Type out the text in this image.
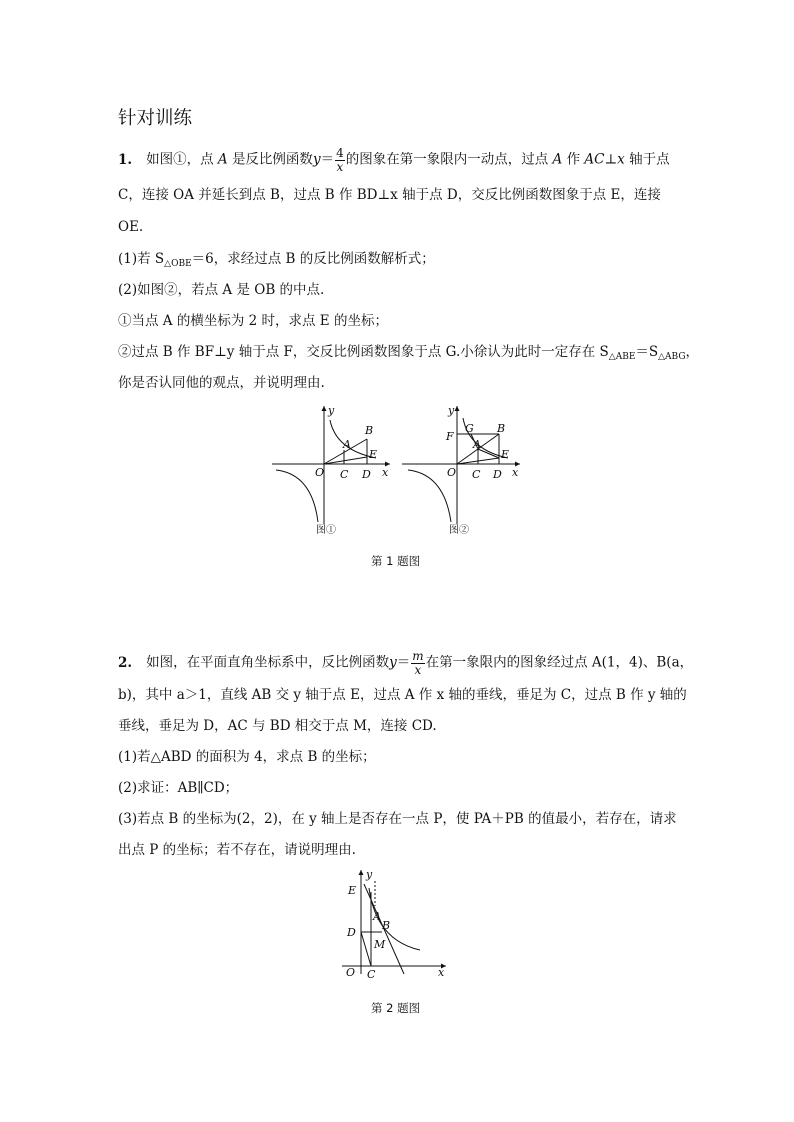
针对训练
1. 如图①，点 A 是反比例函数$y= \frac{4}{x}$ 的图象在第一象限内一动点，过点 A 作 AC⊥x 轴于点
C，连接 OA 并延长到点 B，过点 B 作 BD⊥x 轴于点 D，交反比例函数图象于点 E，连接
OE.
(1)若 $S_{\triangle OBE}=6$，求经过点 B 的反比例函数解析式；
(2)如图②，若点 A 是 OB 的中点.
①当点 A 的横坐标为 2 时，求点 E 的坐标；
②过点 B 作 BF⊥y 轴于点 F，交反比例函数图象于点 G.小徐认为此时一定存在 $S_{\triangle ABE}=S_{\triangle ABG}$，
你是否认同他的观点，并说明理由.
y
x
O
A
B
C D
E
图①
y
x
O
F
G
A
B
C D
E
图②
第 1 题图
2. 如图，在平面直角坐标系中，反比例函数$y= \frac{m}{x}$ 在第一象限内的图象经过点 A(1，4)、B(a，
b)，其中 a＞1，直线 AB 交 y 轴于点 E，过点 A 作 x 轴的垂线，垂足为 C，过点 B 作 y 轴的
垂线，垂足为 D，AC 与 BD 相交于点 M，连接 CD.
(1)若△ABD 的面积为 4，求点 B 的坐标；
(2)求证：AB∥CD；
(3)若点 B 的坐标为(2，2)，在 y 轴上是否存在一点 P，使 PA＋PB 的值最小，若存在，请求
出点 P 的坐标；若不存在，请说明理由.
y
x
O
E
A
B
D
M
C
第 2 题图
